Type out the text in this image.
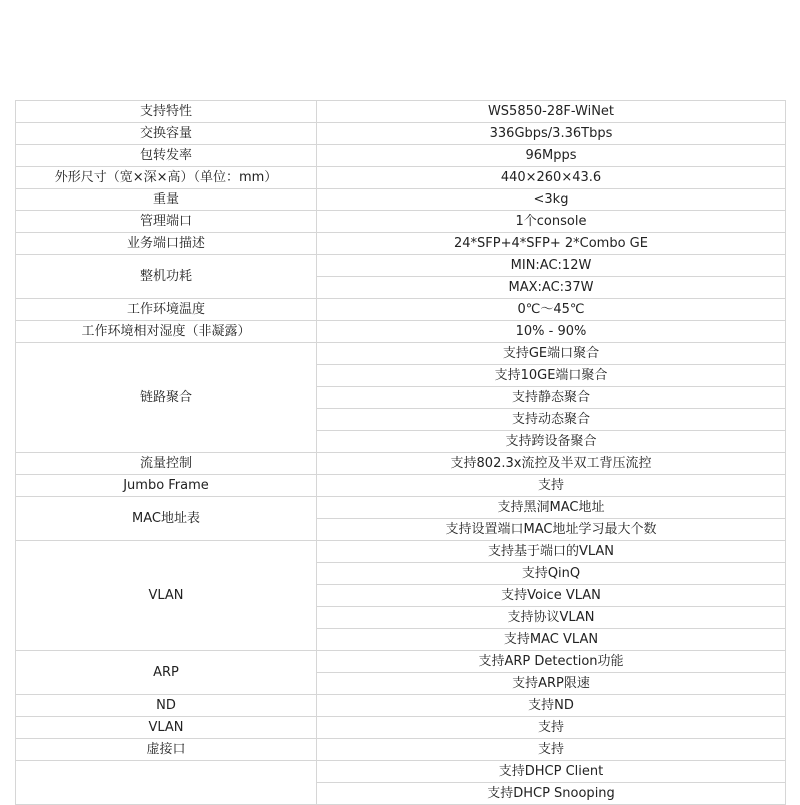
支持特性	WS5850-28F-WiNet
交换容量	336Gbps/3.36Tbps
包转发率	96Mpps
外形尺寸（宽×深×高）（单位：mm）	440×260×43.6
重量	<3kg
管理端口	1个console
业务端口描述	24*SFP+4*SFP+ 2*Combo GE
整机功耗	MIN:AC:12W
	MAX:AC:37W
工作环境温度	0℃～45℃
工作环境相对湿度（非凝露）	10% - 90%
链路聚合	支持GE端口聚合
	支持10GE端口聚合
	支持静态聚合
	支持动态聚合
	支持跨设备聚合
流量控制	支持802.3x流控及半双工背压流控
Jumbo Frame	支持
MAC地址表	支持黑洞MAC地址
	支持设置端口MAC地址学习最大个数
VLAN	支持基于端口的VLAN
	支持QinQ
	支持Voice VLAN
	支持协议VLAN
	支持MAC VLAN
ARP	支持ARP Detection功能
	支持ARP限速
ND	支持ND
VLAN	支持
虚接口	支持
	支持DHCP Client
	支持DHCP Snooping
